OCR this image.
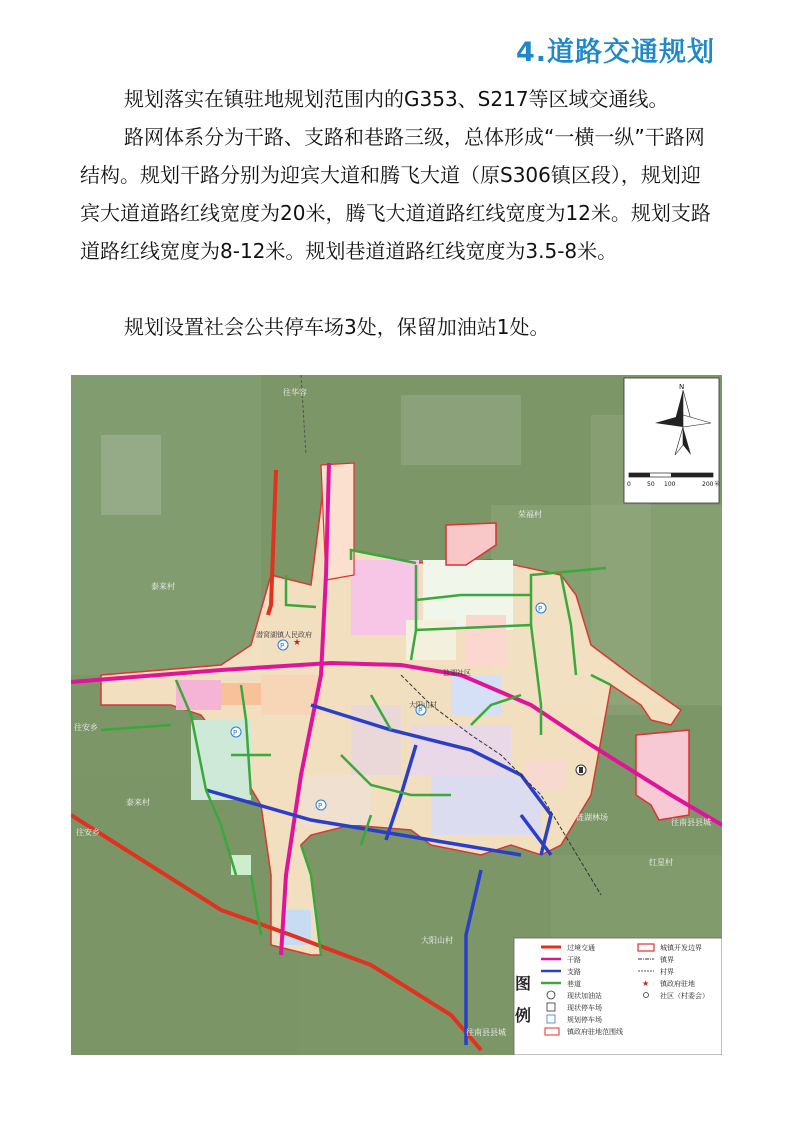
4.道路交通规划

规划落实在镇驻地规划范围内的G353、S217等区域交通线。

路网体系分为干路、支路和巷路三级，总体形成“一横一纵”干路网结构。规划干路分别为迎宾大道和腾飞大道（原S306镇区段），规划迎宾大道道路红线宽度为20米，腾飞大道道路红线宽度为12米。规划支路道路红线宽度为8-12米。规划巷道道路红线宽度为3.5-8米。

规划设置社会公共停车场3处，保留加油站1处。

P
P
P
P
P
★
荣福村
泰来村
泰来村
潜窝湖镇人民政府
大阳山村
大阳山村
涟湖社区
涟湖林场
红星村
往安乡
往南县县城
往安乡
往南县县城
往华容
N
0	50 100	200 米
图
例
过境交通
干路
支路
巷道
现状加油站
现状停车场
规划停车场
镇政府驻地范围线
★
城镇开发边界
镇界
村界
镇政府驻地
社区（村委会）
